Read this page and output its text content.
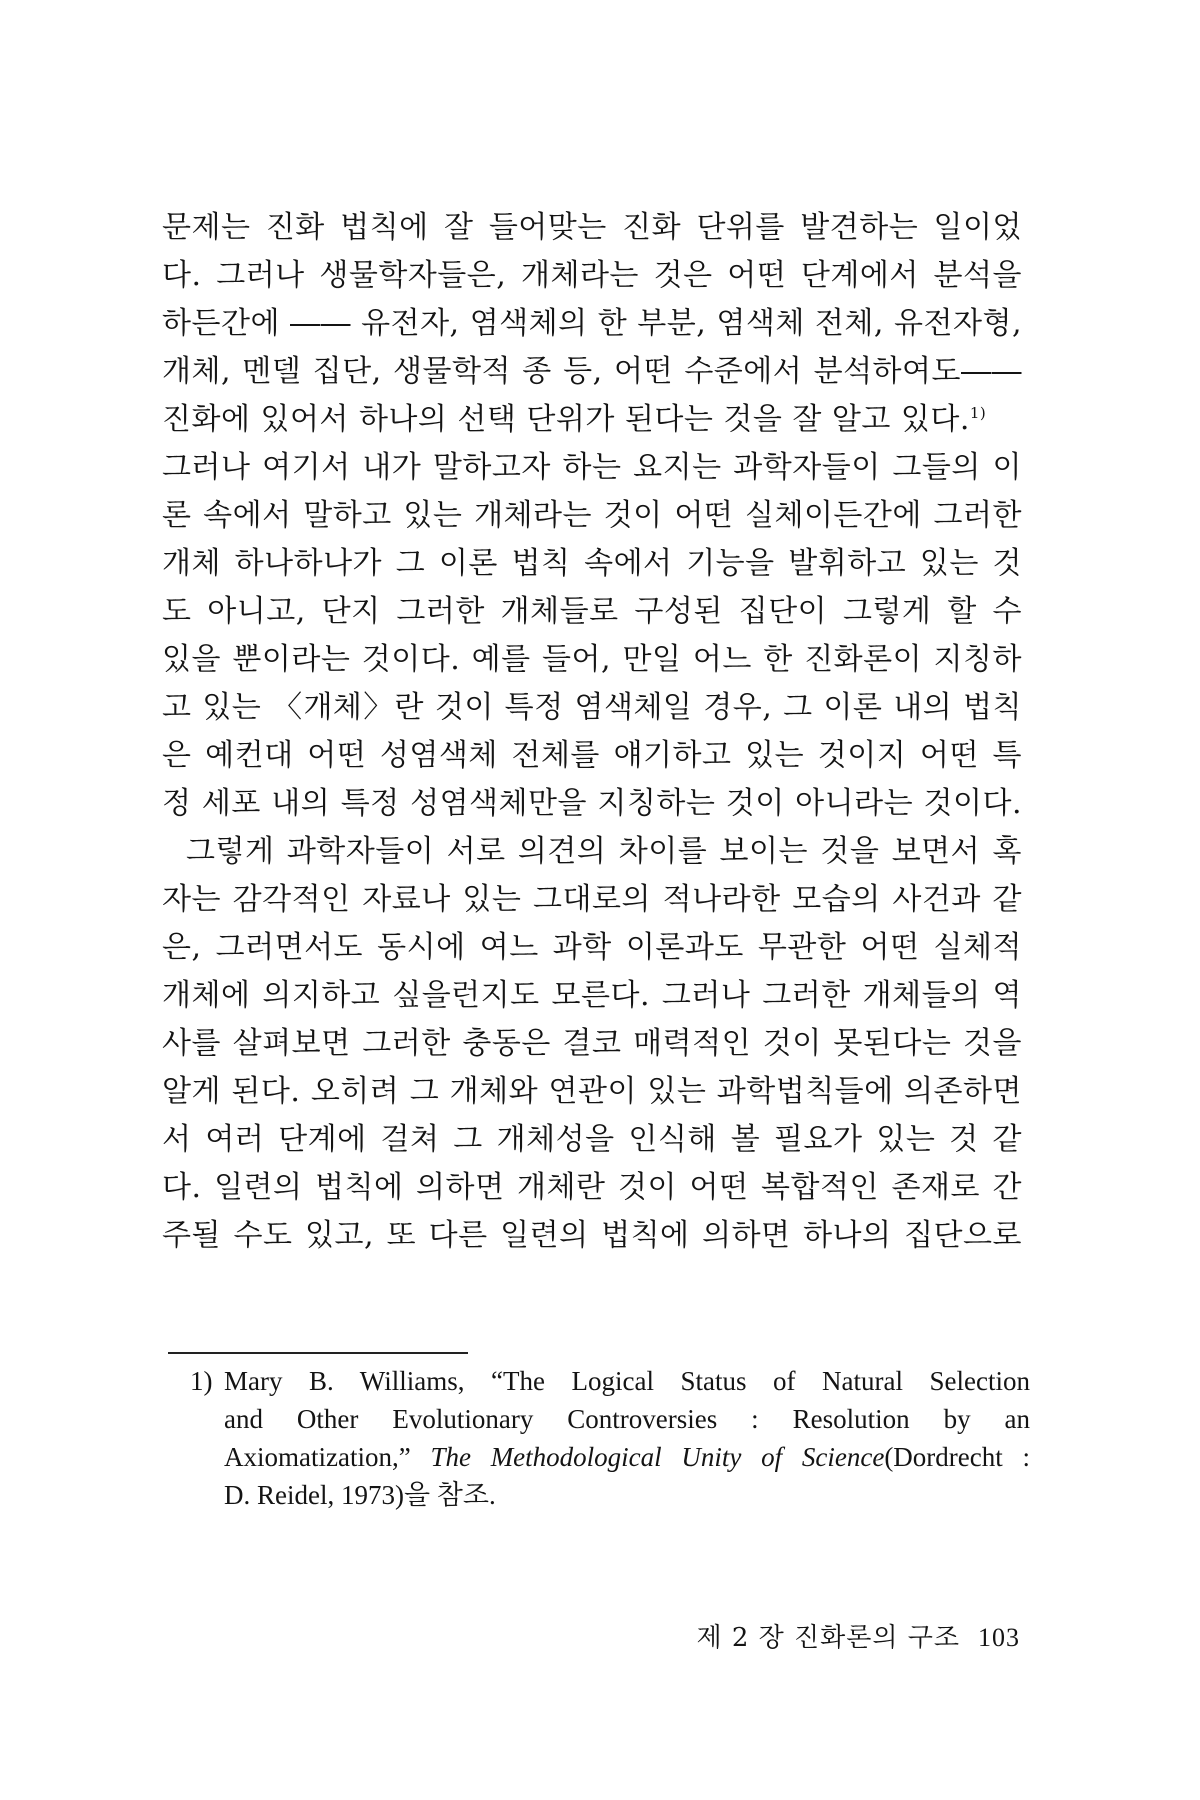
문제는 진화 법칙에 잘 들어맞는 진화 단위를 발견하는 일이었
다. 그러나 생물학자들은, 개체라는 것은 어떤 단계에서 분석을
하든간에 ―― 유전자, 염색체의 한 부분, 염색체 전체, 유전자형,
개체, 멘델 집단, 생물학적 종 등, 어떤 수준에서 분석하여도――
진화에 있어서 하나의 선택 단위가 된다는 것을 잘 알고 있다.$^{1)}$
그러나 여기서 내가 말하고자 하는 요지는 과학자들이 그들의 이
론 속에서 말하고 있는 개체라는 것이 어떤 실체이든간에 그러한
개체 하나하나가 그 이론 법칙 속에서 기능을 발휘하고 있는 것
도 아니고, 단지 그러한 개체들로 구성된 집단이 그렇게 할 수
있을 뿐이라는 것이다. 예를 들어, 만일 어느 한 진화론이 지칭하
고 있는 〈개체〉란 것이 특정 염색체일 경우, 그 이론 내의 법칙
은 예컨대 어떤 성염색체 전체를 얘기하고 있는 것이지 어떤 특
정 세포 내의 특정 성염색체만을 지칭하는 것이 아니라는 것이다.
그렇게 과학자들이 서로 의견의 차이를 보이는 것을 보면서 혹
자는 감각적인 자료나 있는 그대로의 적나라한 모습의 사건과 같
은, 그러면서도 동시에 여느 과학 이론과도 무관한 어떤 실체적
개체에 의지하고 싶을런지도 모른다. 그러나 그러한 개체들의 역
사를 살펴보면 그러한 충동은 결코 매력적인 것이 못된다는 것을
알게 된다. 오히려 그 개체와 연관이 있는 과학법칙들에 의존하면
서 여러 단계에 걸쳐 그 개체성을 인식해 볼 필요가 있는 것 같
다. 일련의 법칙에 의하면 개체란 것이 어떤 복합적인 존재로 간
주될 수도 있고, 또 다른 일련의 법칙에 의하면 하나의 집단으로
1) Mary B. Williams, “The Logical Status of Natural Selection
and Other Evolutionary Controversies : Resolution by an
Axiomatization,” The Methodological Unity of Science(Dordrecht :
D. Reidel, 1973)을 참조.
제 2 장 진화론의 구조 103
